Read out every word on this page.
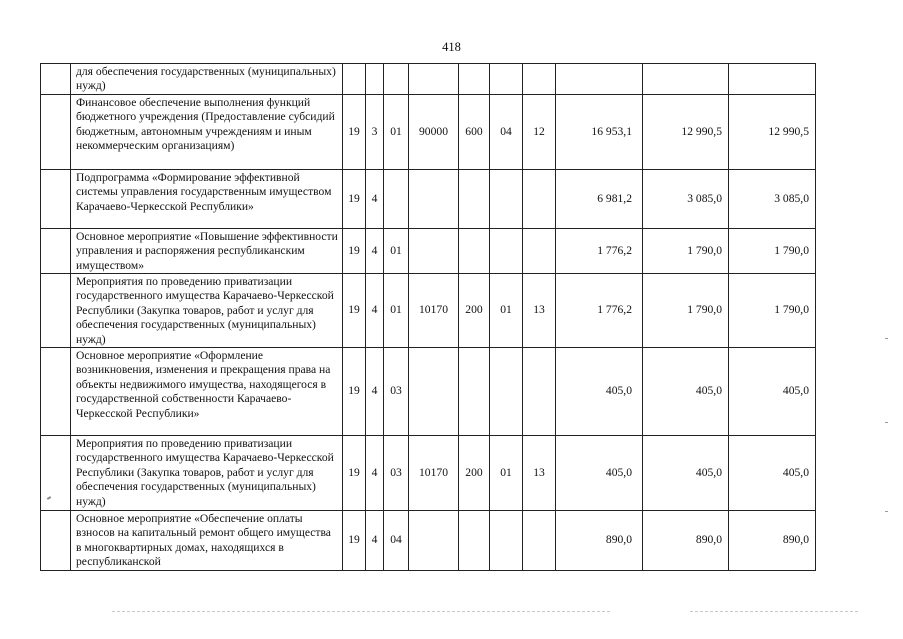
418
	для обеспечения государственных (муниципальных) нужд)										
	Финансовое обеспечение выполнения функций бюджетного учреждения (Предоставление субсидий бюджетным, автономным учреждениям и иным некоммерческим организациям)	19	3	01	90000	600	04	12	16 953,1	12 990,5	12 990,5
	Подпрограмма «Формирование эффективной системы управления государственным имуществом Карачаево-Черкесской Республики»	19	4						6 981,2	3 085,0	3 085,0
	Основное мероприятие «Повышение эффективности управления и распоряжения республиканским имуществом»	19	4	01					1 776,2	1 790,0	1 790,0
	Мероприятия по проведению приватизации государственного имущества Карачаево-Черкесской Республики (Закупка товаров, работ и услуг для обеспечения государственных (муниципальных) нужд)	19	4	01	10170	200	01	13	1 776,2	1 790,0	1 790,0
	Основное мероприятие «Оформление возникновения, изменения и прекращения права на объекты недвижимого имущества, находящегося в государственной собственности Карачаево-Черкесской Республики»	19	4	03					405,0	405,0	405,0
	Мероприятия по проведению приватизации государственного имущества Карачаево-Черкесской Республики (Закупка товаров, работ и услуг для обеспечения государственных (муниципальных) нужд)	19	4	03	10170	200	01	13	405,0	405,0	405,0
	Основное мероприятие «Обеспечение оплаты взносов на капитальный ремонт общего имущества в многоквартирных домах, находящихся в республиканской	19	4	04					890,0	890,0	890,0
